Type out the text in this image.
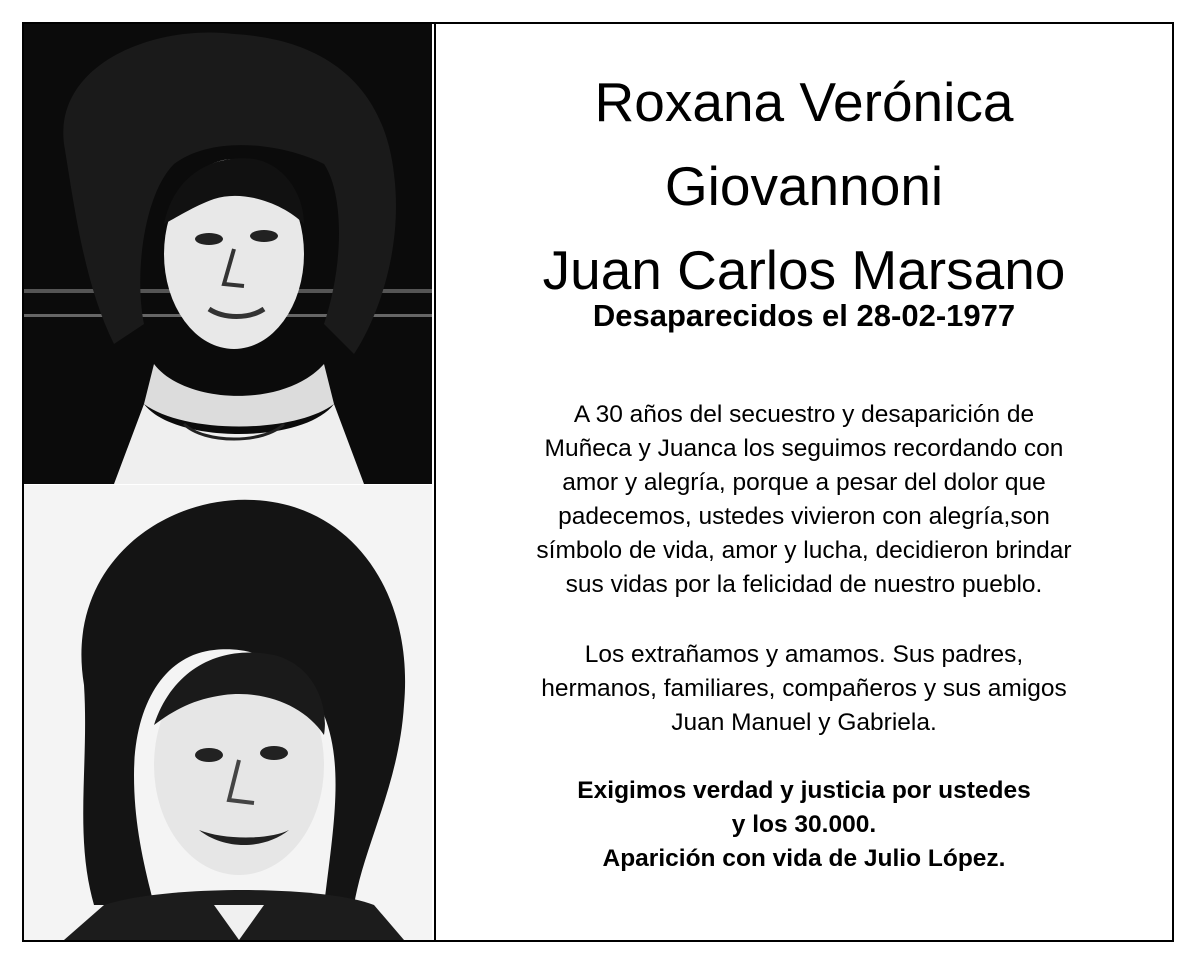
Roxana Verónica
Giovannoni
Juan Carlos Marsano
Desaparecidos el 28-02-1977
A 30 años del secuestro y desaparición de
Muñeca y Juanca los seguimos recordando con
amor y alegría, porque a pesar del dolor que
padecemos, ustedes vivieron con alegría,son
símbolo de vida, amor y lucha, decidieron brindar
sus vidas por la felicidad de nuestro pueblo.
Los extrañamos y amamos. Sus padres,
hermanos, familiares, compañeros y sus amigos
Juan Manuel y Gabriela.
Exigimos verdad y justicia por ustedes
y los 30.000.
Aparición con vida de Julio López.
